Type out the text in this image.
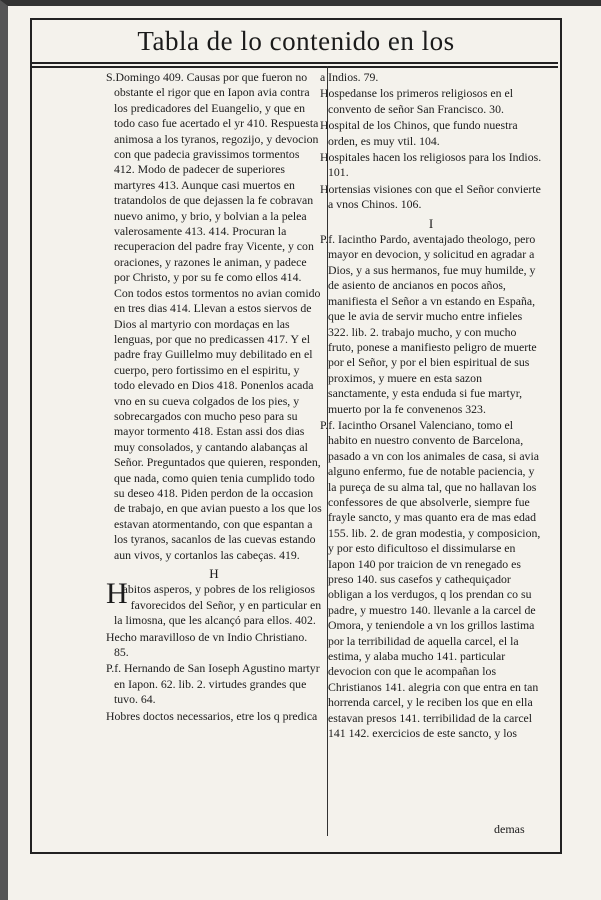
Tabla de lo contenido en los

S.Domingo 409. Causas por que fueron no obstante el rigor que en Iapon avia contra los predicadores del Euangelio, y que en todo caso fue acertado el yr 410. Respuesta animosa a los tyranos, regozijo, y devocion con que padecia gravissimos tormentos 412. Modo de padecer de superiores martyres 413. Aunque casi muertos en tratandolos de que dejassen la fe cobravan nuevo animo, y brio, y bolvian a la pelea valerosamente 413. 414. Procuran la recuperacion del padre fray Vicente, y con oraciones, y razones le animan, y padece por Christo, y por su fe como ellos 414. Con todos estos tormentos no avian comido en tres dias 414. Llevan a estos siervos de Dios al martyrio con mordaças en las lenguas, por que no predicassen 417. Y el padre fray Guillelmo muy debilitado en el cuerpo, pero fortissimo en el espiritu, y todo elevado en Dios 418. Ponenlos acada vno en su cueva colgados de los pies, y sobrecargados con mucho peso para su mayor tormento 418. Estan assi dos dias muy consolados, y cantando alabanças al Señor. Preguntados que quieren, responden, que nada, como quien tenia cumplido todo su deseo 418. Piden perdon de la occasion de trabajo, en que avian puesto a los que los estavan atormentando, con que espantan a los tyranos, sacanlos de las cuevas estando aun vivos, y cortanlos las cabeças. 419.

H

Habitos asperos, y pobres de los religiosos favorecidos del Señor, y en particular en la limosna, que les alcançó para ellos. 402.

Hecho maravilloso de vn Indio Christiano. 85.

P.f. Hernando de San Ioseph Agustino martyr en Iapon. 62. lib. 2. virtudes grandes que tuvo. 64.

Hobres doctos necessarios, etre los q predica

a Indios. 79.

Hospedanse los primeros religiosos en el convento de señor San Francisco. 30.

Hospital de los Chinos, que fundo nuestra orden, es muy vtil. 104.

Hospitales hacen los religiosos para los Indios. 101.

Hortensias visiones con que el Señor convierte a vnos Chinos. 106.

I

P.f. Iacintho Pardo, aventajado theologo, pero mayor en devocion, y solicitud en agradar a Dios, y a sus hermanos, fue muy humilde, y de asiento de ancianos en pocos años, manifiesta el Señor a vn estando en España, que le avia de servir mucho entre infieles 322. lib. 2. trabajo mucho, y con mucho fruto, ponese a manifiesto peligro de muerte por el Señor, y por el bien espiritual de sus proximos, y muere en esta sazon sanctamente, y esta enduda si fue martyr, muerto por la fe convenenos 323.

P.f. Iacintho Orsanel Valenciano, tomo el habito en nuestro convento de Barcelona, pasado a vn con los animales de casa, si avia alguno enfermo, fue de notable paciencia, y la pureça de su alma tal, que no hallavan los confessores de que absolverle, siempre fue frayle sancto, y mas quanto era de mas edad 155. lib. 2. de gran modestia, y composicion, y por esto dificultoso el dissimularse en Iapon 140 por traicion de vn renegado es preso 140. sus casefos y cathequiçador obligan a los verdugos, q los prendan co su padre, y muestro 140. llevanle a la carcel de Omora, y teniendole a vn los grillos lastima por la terribilidad de aquella carcel, el la estima, y alaba mucho 141. particular devocion con que le acompañan los Christianos 141. alegria con que entra en tan horrenda carcel, y le reciben los que en ella estavan presos 141. terribilidad de la carcel 141 142. exercicios de este sancto, y los

demas
